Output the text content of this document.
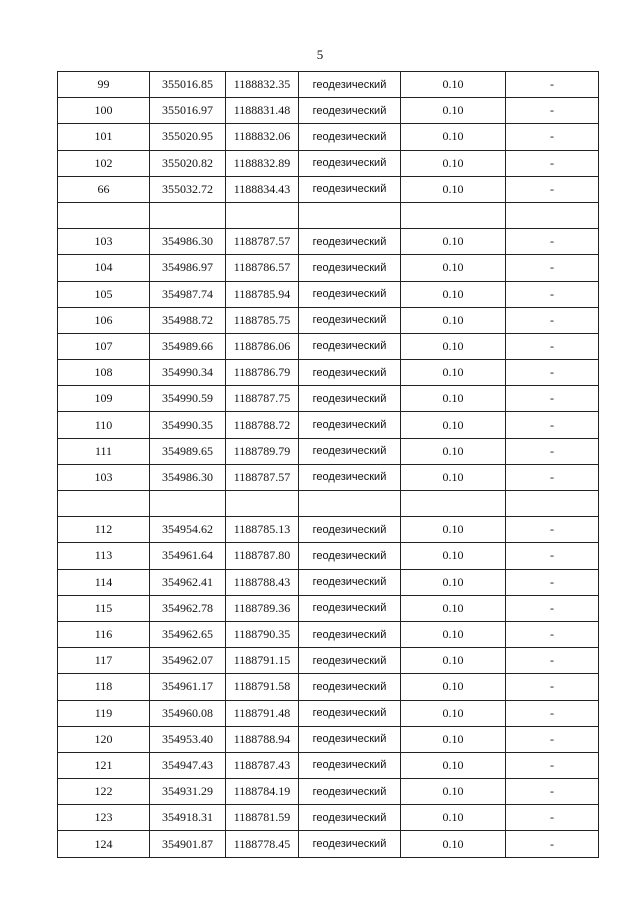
5
99	355016.85	1188832.35	геодезический	0.10	-
100	355016.97	1188831.48	геодезический	0.10	-
101	355020.95	1188832.06	геодезический	0.10	-
102	355020.82	1188832.89	геодезический	0.10	-
66	355032.72	1188834.43	геодезический	0.10	-

103	354986.30	1188787.57	геодезический	0.10	-
104	354986.97	1188786.57	геодезический	0.10	-
105	354987.74	1188785.94	геодезический	0.10	-
106	354988.72	1188785.75	геодезический	0.10	-
107	354989.66	1188786.06	геодезический	0.10	-
108	354990.34	1188786.79	геодезический	0.10	-
109	354990.59	1188787.75	геодезический	0.10	-
110	354990.35	1188788.72	геодезический	0.10	-
111	354989.65	1188789.79	геодезический	0.10	-
103	354986.30	1188787.57	геодезический	0.10	-

112	354954.62	1188785.13	геодезический	0.10	-
113	354961.64	1188787.80	геодезический	0.10	-
114	354962.41	1188788.43	геодезический	0.10	-
115	354962.78	1188789.36	геодезический	0.10	-
116	354962.65	1188790.35	геодезический	0.10	-
117	354962.07	1188791.15	геодезический	0.10	-
118	354961.17	1188791.58	геодезический	0.10	-
119	354960.08	1188791.48	геодезический	0.10	-
120	354953.40	1188788.94	геодезический	0.10	-
121	354947.43	1188787.43	геодезический	0.10	-
122	354931.29	1188784.19	геодезический	0.10	-
123	354918.31	1188781.59	геодезический	0.10	-
124	354901.87	1188778.45	геодезический	0.10	-
